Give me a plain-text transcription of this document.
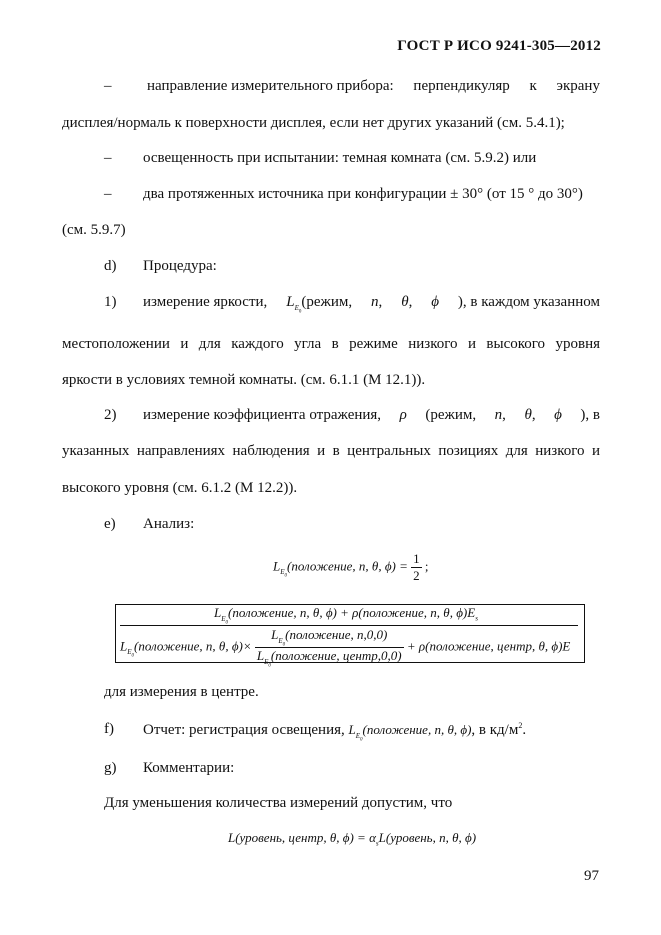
ГОСТ Р ИСО 9241-305—2012
– направление измерительного прибора: перпендикуляр к экрану
дисплея/нормаль к поверхности дисплея, если нет других указаний (см. 5.4.1);
– освещенность при испытании: темная комната (см. 5.9.2) или
– два протяженных источника при конфигурации ± 30° (от 15 ° до 30°)
(см. 5.9.7)
d) Процедура:
1) измерение яркости, $L_{E_0}(режим$, n, θ, ϕ ), в каждом указанном
местоположении и для каждого угла в режиме низкого и высокого уровня
яркости в условиях темной комнаты. (см. 6.1.1 (М 12.1)).
2) измерение коэффициента отражения, ρ (режим, n, θ, ϕ ), в
указанных направлениях наблюдения и в центральных позициях для низкого и
высокого уровня (см. 6.1.2 (М 12.2)).
e) Анализ:
$L_{E_0}(положение$, n, θ, $\phi) = \frac{1}{2}$ ;
$L_{E_0}(положение$, n, θ, ϕ) + ρ(положение, n, θ, $\phi)E_s$
$L_{E_0}(положение$, n, θ, $\phi)\times \frac{L_{E_0}(положение, n,0,0)}{L_{E_0}(положение, центр,0,0)}$ + ρ(положение, центр, θ, ϕ)E
для измерения в центре.
f) Отчет: регистрация освещения, $L_{E_0}(положение$, n, θ, ϕ), в $кд/м^2$.
g) Комментарии:
Для уменьшения количества измерений допустим, что
L(уровень, центр, θ, $\phi) = \alpha_sL(уровень$, n, θ, ϕ)
97
